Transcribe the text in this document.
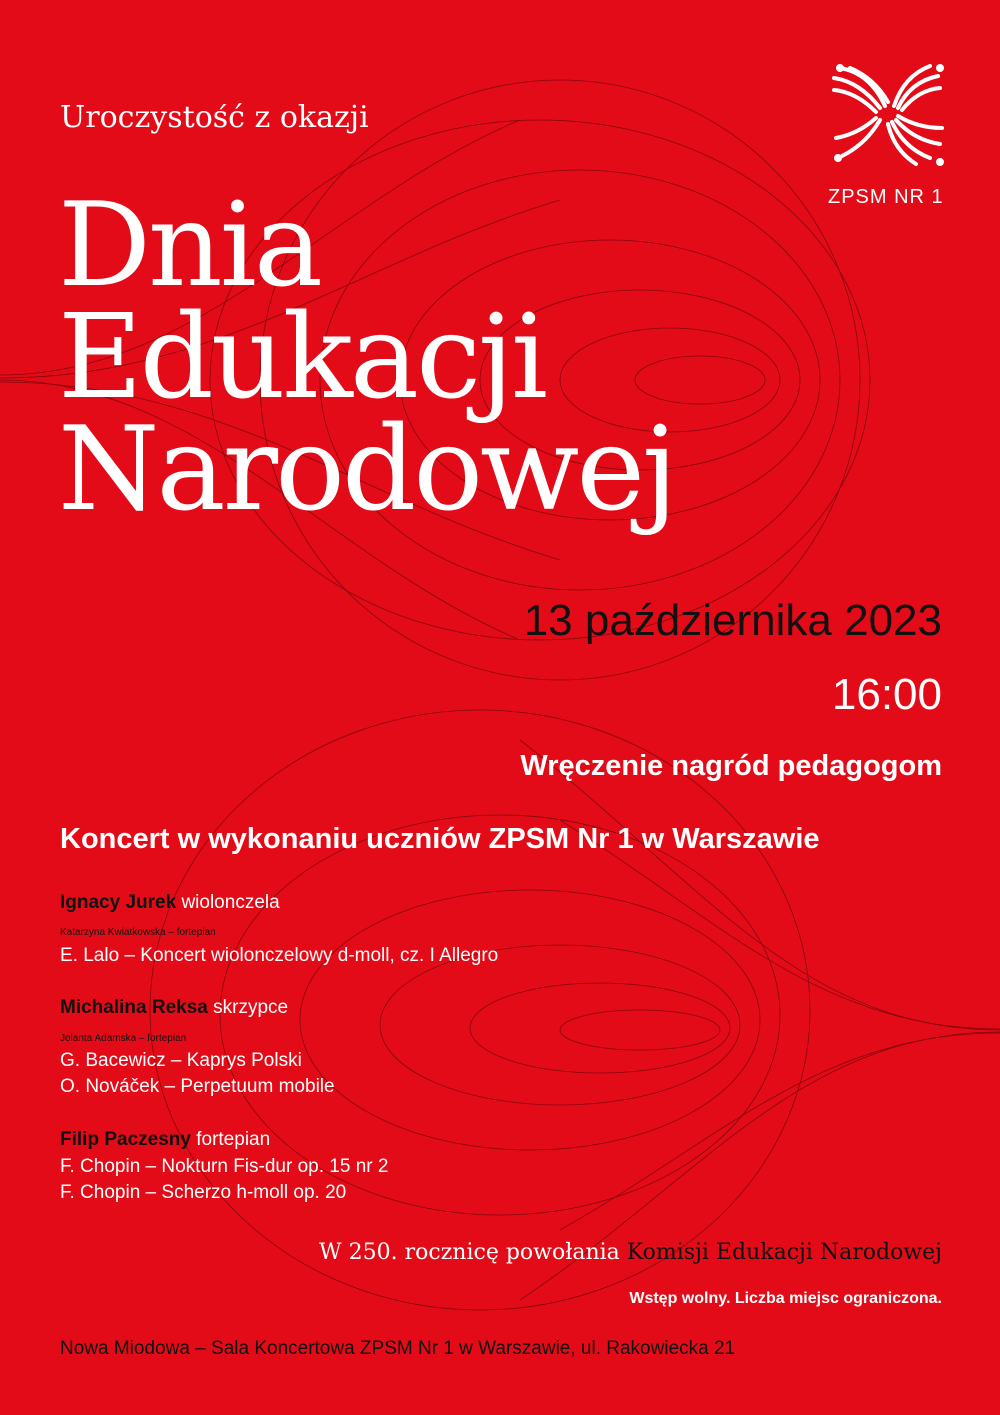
Uroczystość z okazji
Dnia
Edukacji
Narodowej
ZPSM NR 1
13 października 2023
16:00
Wręczenie nagród pedagogom
Koncert w wykonaniu uczniów ZPSM Nr 1 w Warszawie
Ignacy Jurek wiolonczela
Katarzyna Kwiatkowska – fortepian
E. Lalo – Koncert wiolonczelowy d-moll, cz. I Allegro
Michalina Reksa skrzypce
Jolanta Adamska – fortepian
G. Bacewicz – Kaprys Polski
O. Nováček – Perpetuum mobile
Filip Paczesny fortepian
F. Chopin – Nokturn Fis-dur op. 15 nr 2
F. Chopin – Scherzo h-moll op. 20
W 250. rocznicę powołania Komisji Edukacji Narodowej
Wstęp wolny. Liczba miejsc ograniczona.
Nowa Miodowa – Sala Koncertowa ZPSM Nr 1 w Warszawie, ul. Rakowiecka 21
